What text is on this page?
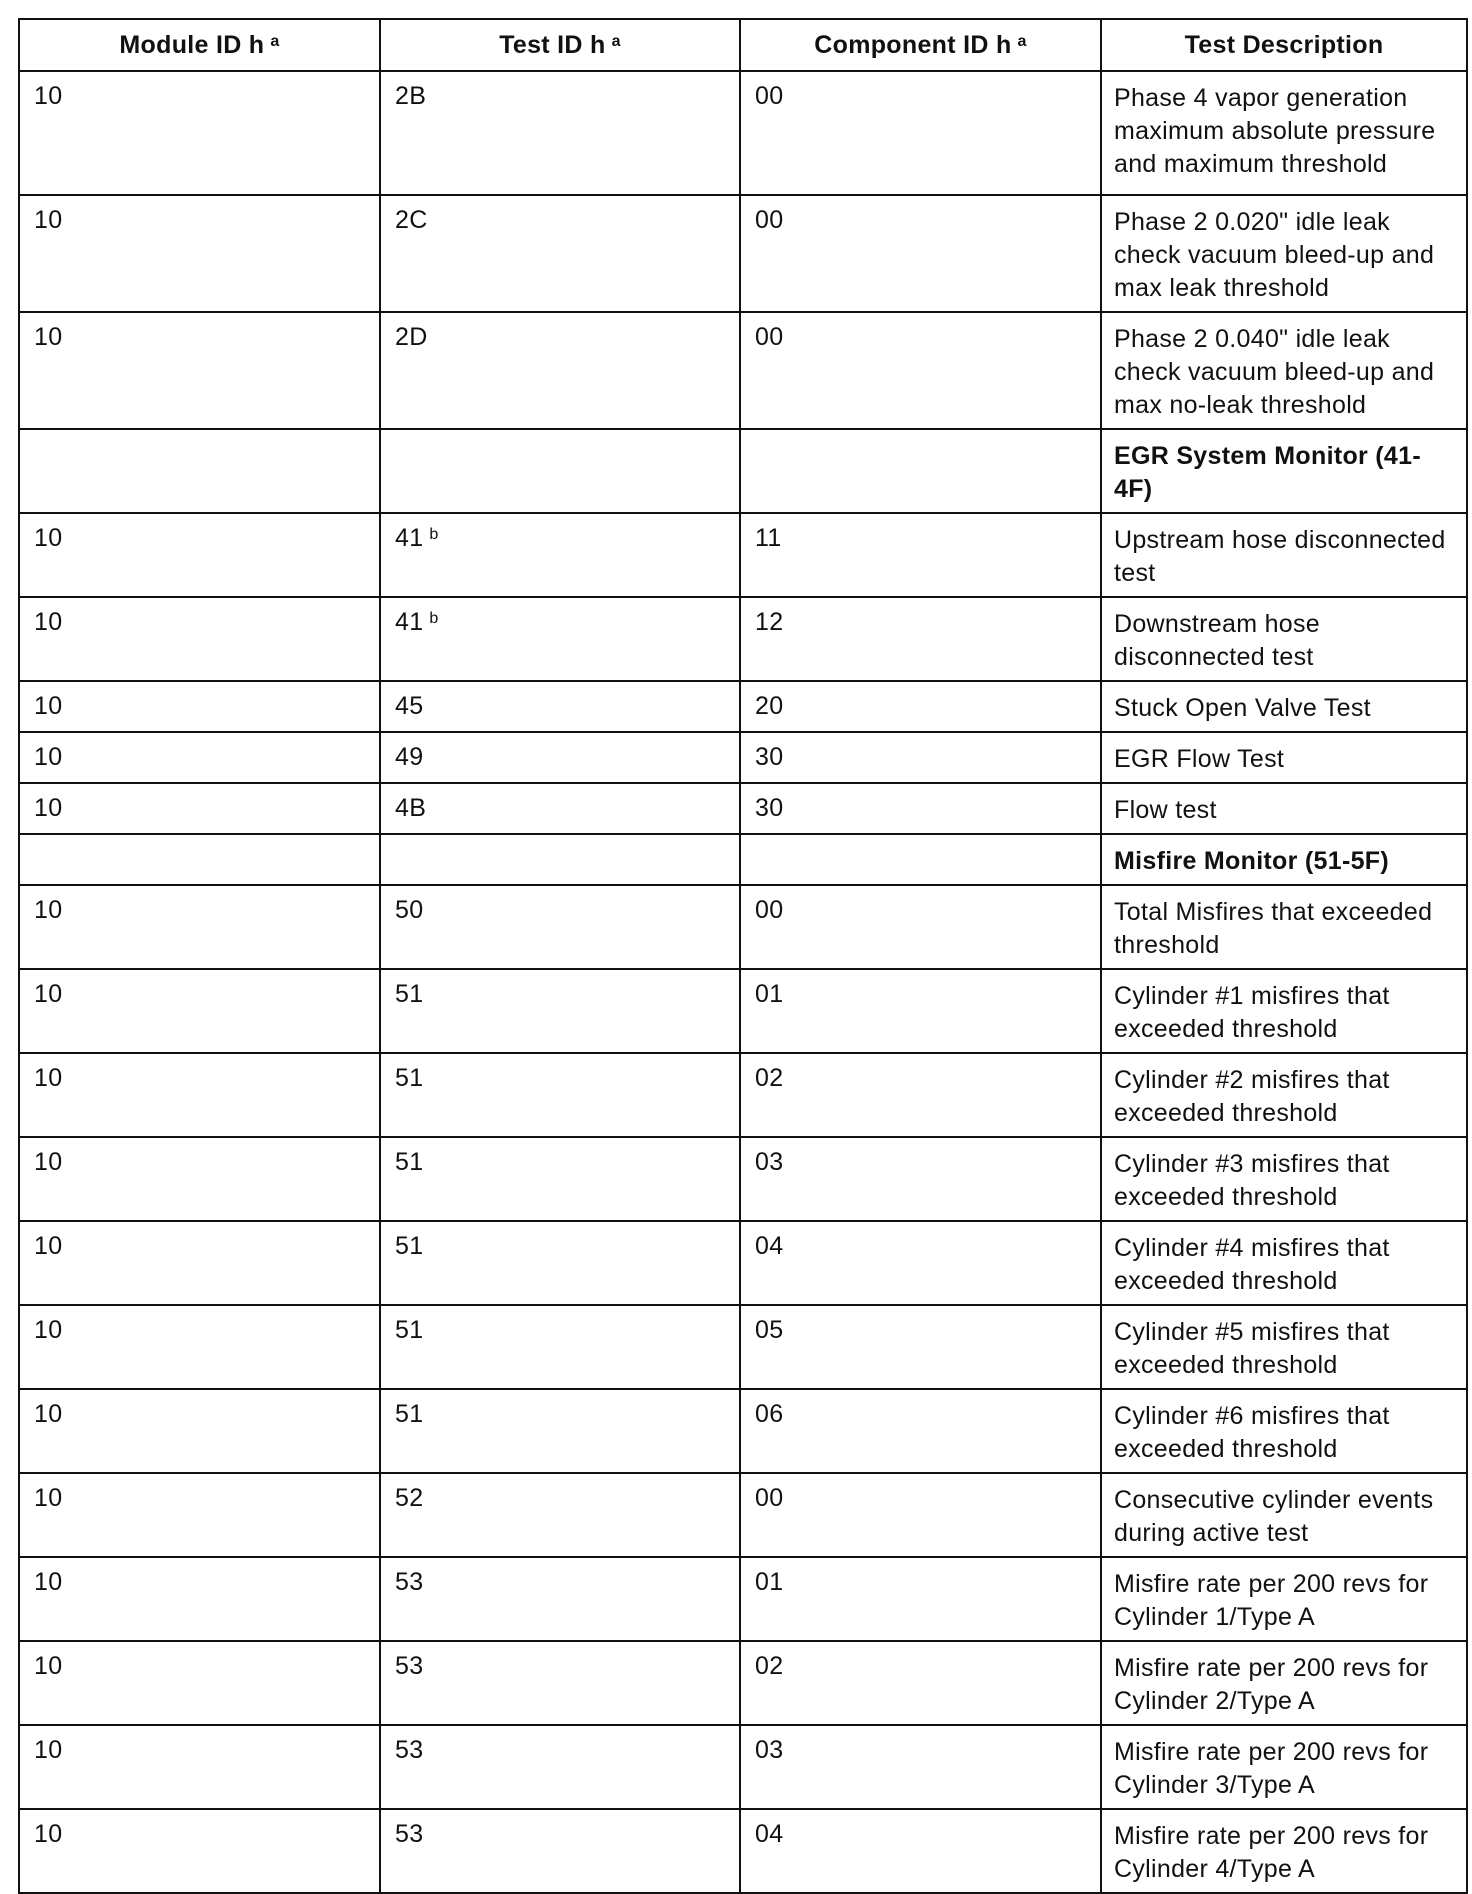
Module ID h $^a$	Test ID h $^a$	Component ID h $^a$	Test Description
10	2B	00	Phase 4 vapor generation maximum absolute pressure and maximum threshold
10	2C	00	Phase 2 0.020" idle leak check vacuum bleed-up and max leak threshold
10	2D	00	Phase 2 0.040" idle leak check vacuum bleed-up and max no-leak threshold
			EGR System Monitor (41-4F)
10	41 $^b$	11	Upstream hose disconnected test
10	41 $^b$	12	Downstream hose disconnected test
10	45	20	Stuck Open Valve Test
10	49	30	EGR Flow Test
10	4B	30	Flow test
			Misfire Monitor (51-5F)
10	50	00	Total Misfires that exceeded threshold
10	51	01	Cylinder #1 misfires that exceeded threshold
10	51	02	Cylinder #2 misfires that exceeded threshold
10	51	03	Cylinder #3 misfires that exceeded threshold
10	51	04	Cylinder #4 misfires that exceeded threshold
10	51	05	Cylinder #5 misfires that exceeded threshold
10	51	06	Cylinder #6 misfires that exceeded threshold
10	52	00	Consecutive cylinder events during active test
10	53	01	Misfire rate per 200 revs for Cylinder 1/Type A
10	53	02	Misfire rate per 200 revs for Cylinder 2/Type A
10	53	03	Misfire rate per 200 revs for Cylinder 3/Type A
10	53	04	Misfire rate per 200 revs for Cylinder 4/Type A
